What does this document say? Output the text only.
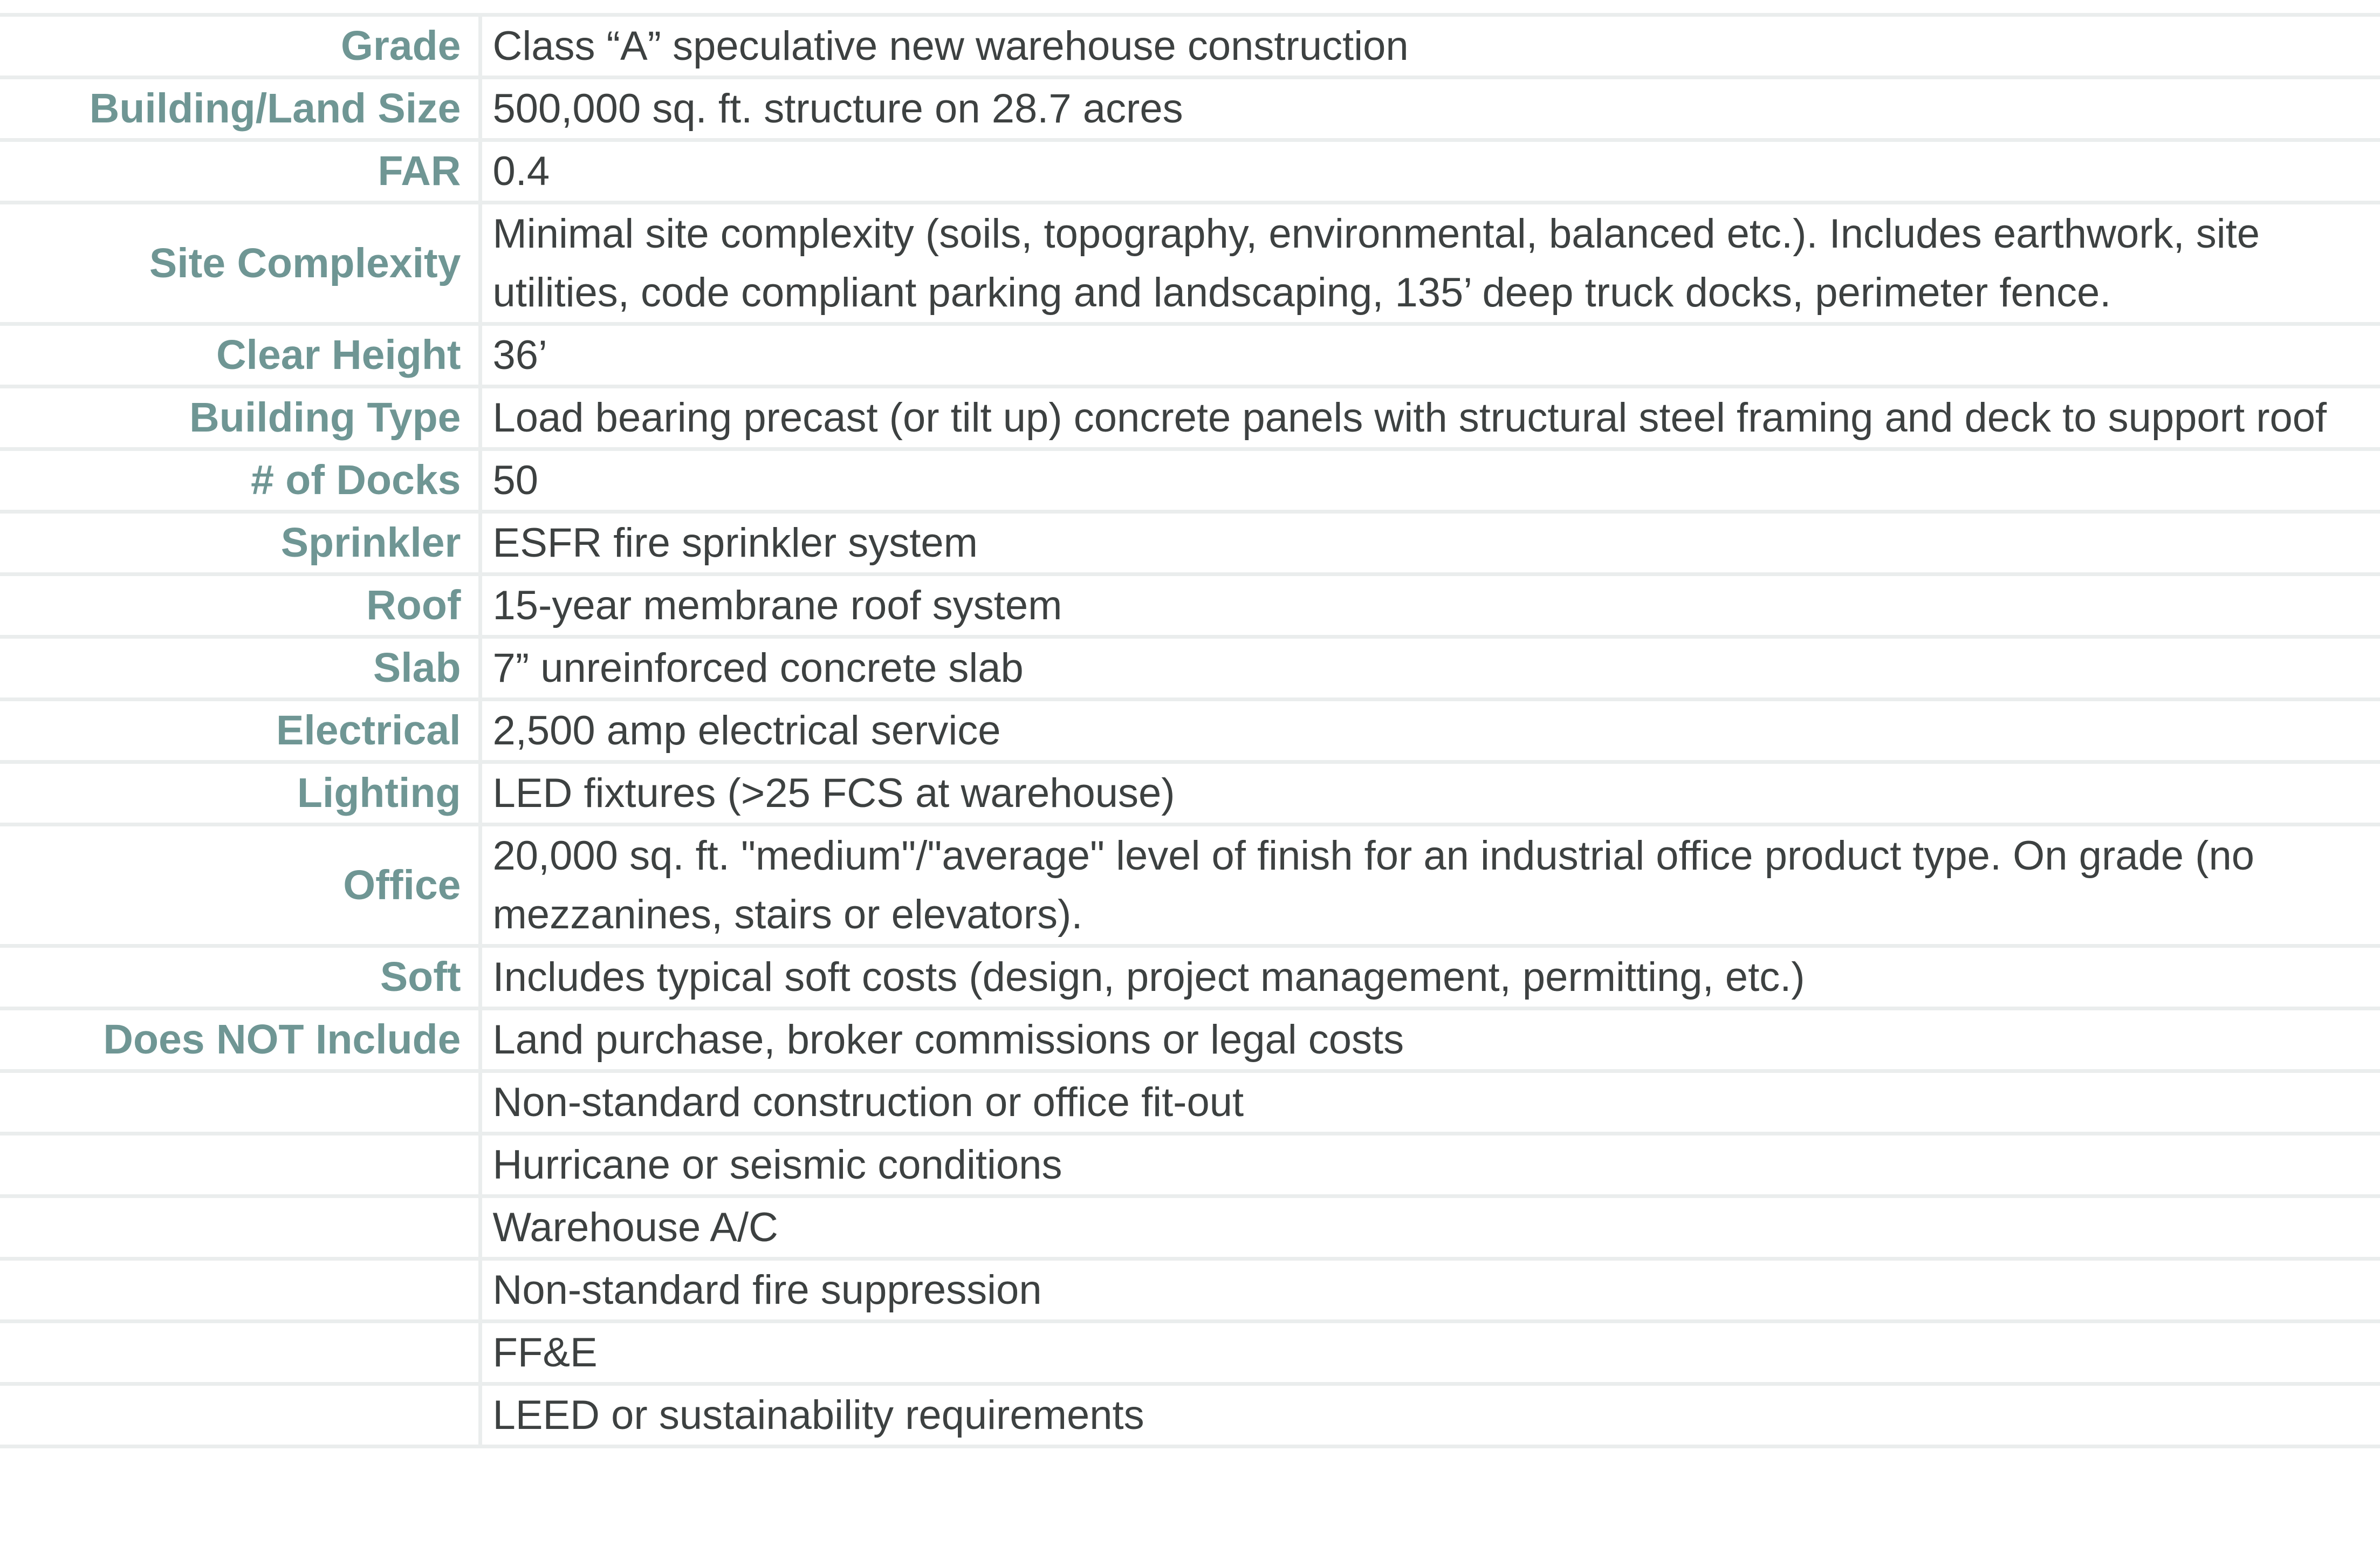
Grade	Class “A” speculative new warehouse construction
Building/Land Size	500,000 sq. ft. structure on 28.7 acres
FAR	0.4
Site Complexity	Minimal site complexity (soils, topography, environmental, balanced etc.). Includes earthwork, site utilities, code compliant parking and landscaping, 135’ deep truck docks, perimeter fence.
Clear Height	36’
Building Type	Load bearing precast (or tilt up) concrete panels with structural steel framing and deck to support roof
# of Docks	50
Sprinkler	ESFR fire sprinkler system
Roof	15-year membrane roof system
Slab	7” unreinforced concrete slab
Electrical	2,500 amp electrical service
Lighting	LED fixtures (>25 FCS at warehouse)
Office	20,000 sq. ft. "medium"/"average" level of finish for an industrial office product type. On grade (no mezzanines, stairs or elevators).
Soft	Includes typical soft costs (design, project management, permitting, etc.)
Does NOT Include	Land purchase, broker commissions or legal costs
	Non-standard construction or office fit-out
	Hurricane or seismic conditions
	Warehouse A/C
	Non-standard fire suppression
	FF&E
	LEED or sustainability requirements
